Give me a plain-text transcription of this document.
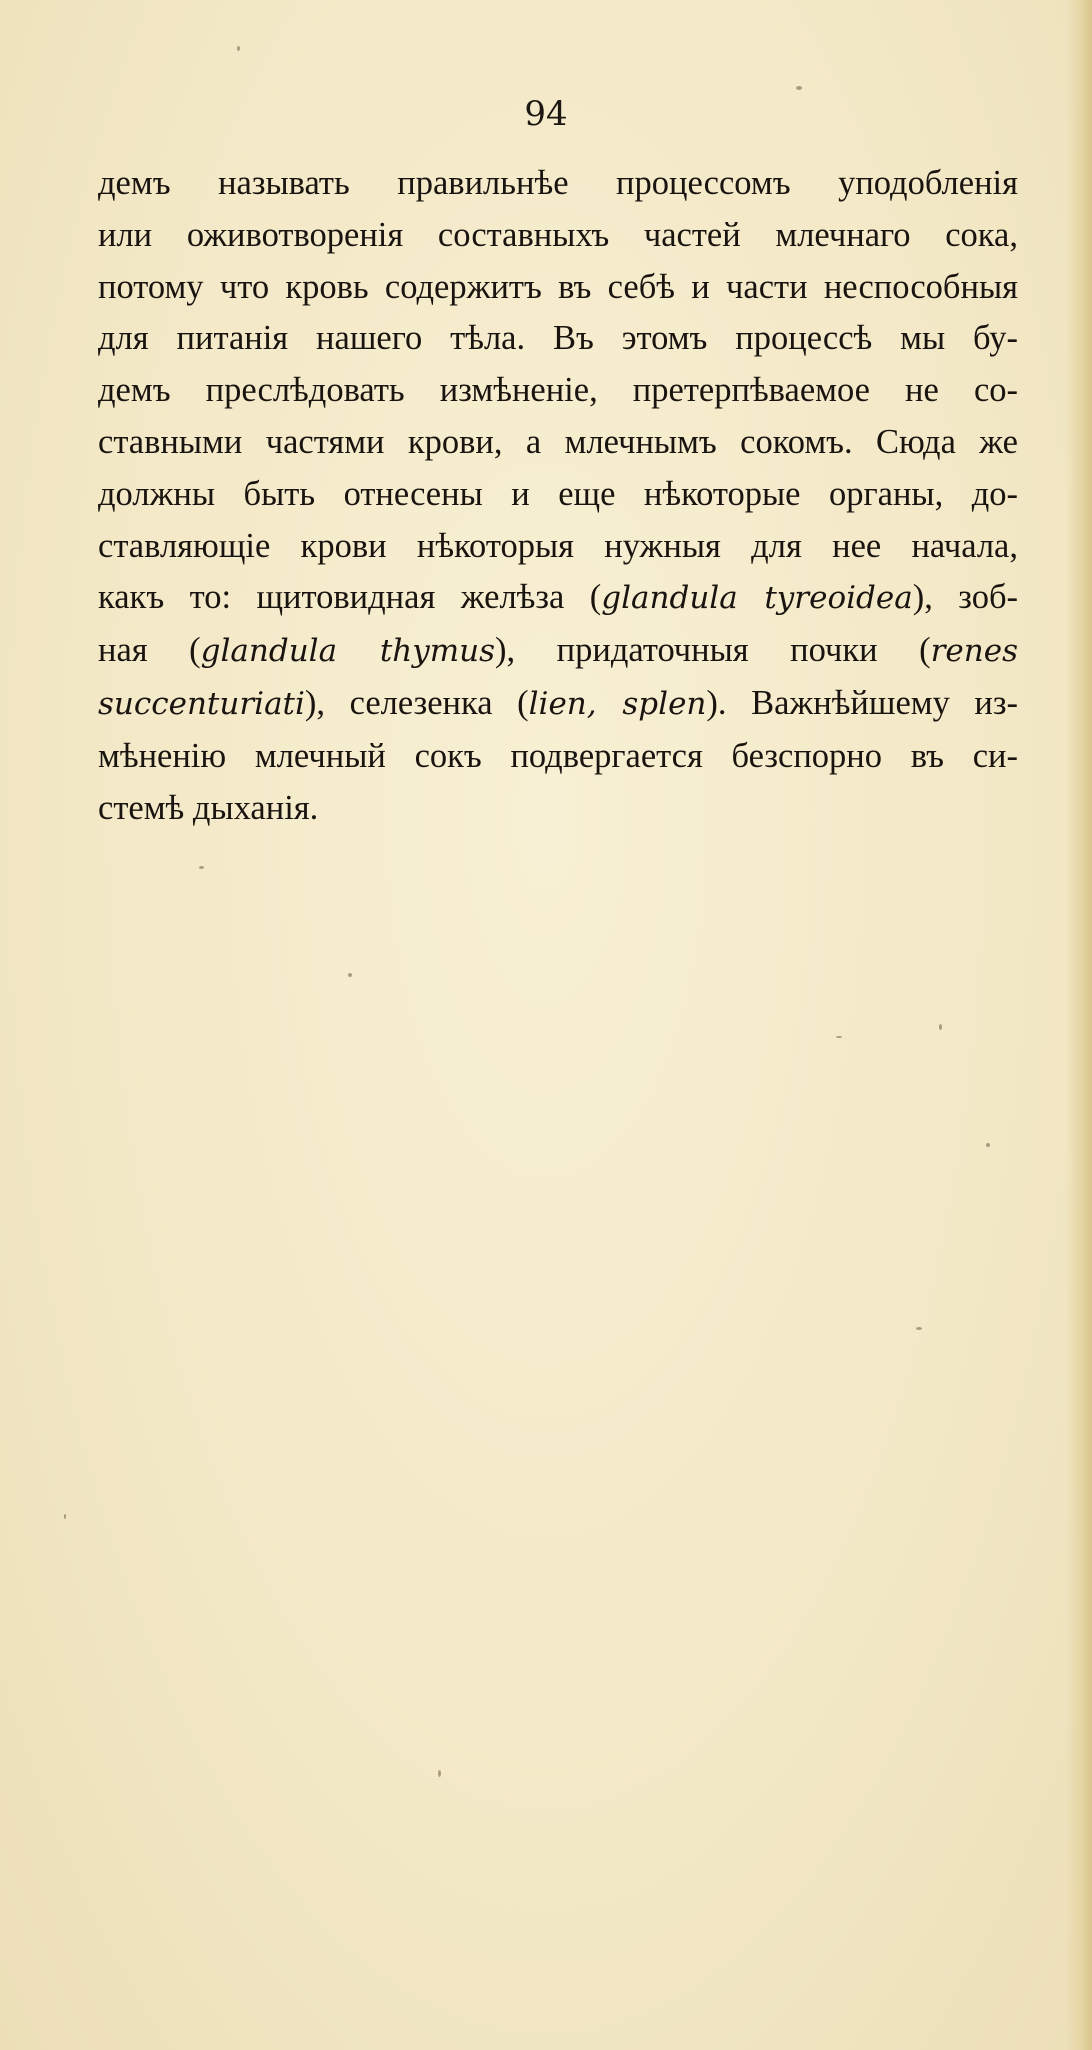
94

демъ называть правильнѣе процессомъ уподобленія
или оживотворенія составныхъ частей млечнаго сока,
потому что кровь содержитъ въ себѣ и части неспособныя
для питанія нашего тѣла. Въ этомъ процессѣ мы бу-
демъ преслѣдовать измѣненіе, претерпѣваемое не со-
ставными частями крови, а млечнымъ сокомъ. Сюда же
должны быть отнесены и еще нѣкоторые органы, до-
ставляющіе крови нѣкоторыя нужныя для нее начала,
какъ то: щитовидная желѣза (glandula tyreoidea), зоб-
ная (glandula thymus), придаточныя почки (renes
succenturiati), селезенка (lien, splen). Важнѣйшему из-
мѣненію млечный сокъ подвергается безспорно въ си-
стемѣ дыханія.
